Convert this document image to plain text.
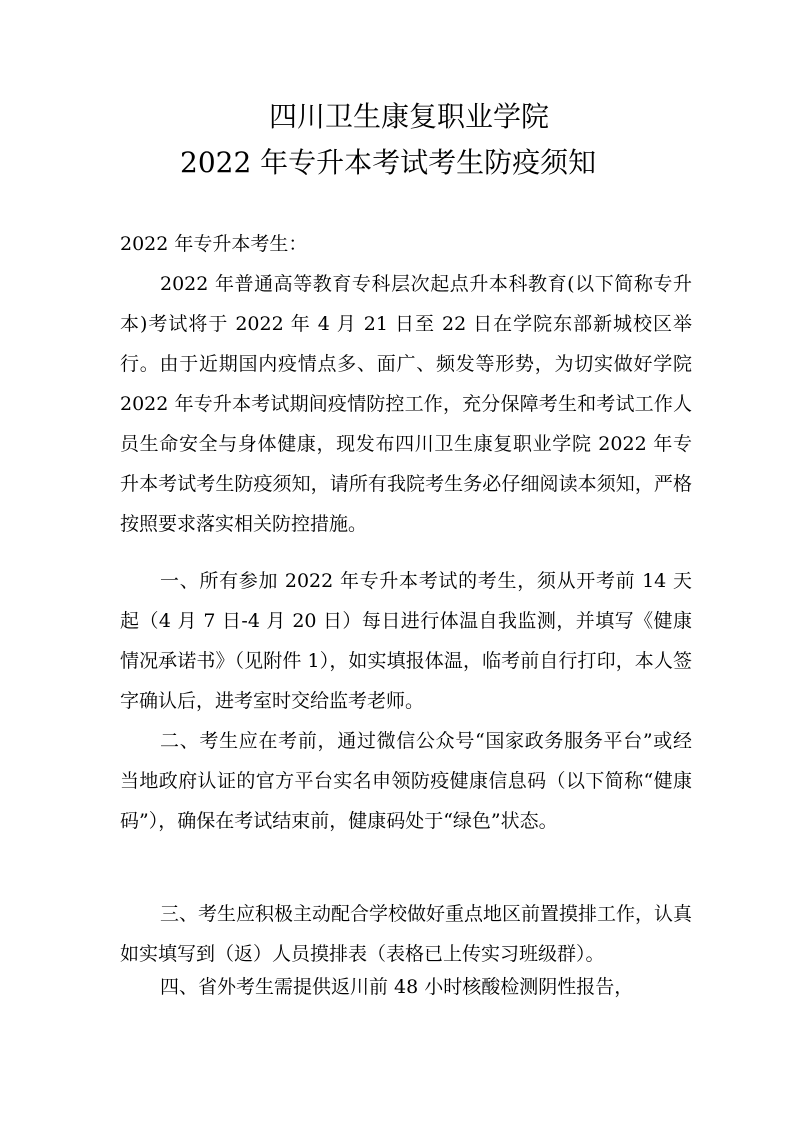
四川卫生康复职业学院
2022 年专升本考试考生防疫须知

2022 年专升本考生：

2022 年普通高等教育专科层次起点升本科教育(以下简称专升本)考试将于 2022 年 4 月 21 日至 22 日在学院东部新城校区举行。由于近期国内疫情点多、面广、频发等形势，为切实做好学院 2022 年专升本考试期间疫情防控工作，充分保障考生和考试工作人员生命安全与身体健康，现发布四川卫生康复职业学院 2022 年专升本考试考生防疫须知，请所有我院考生务必仔细阅读本须知，严格按照要求落实相关防控措施。

一、所有参加 2022 年专升本考试的考生，须从开考前 14 天起（4 月 7 日-4 月 20 日）每日进行体温自我监测，并填写《健康情况承诺书》（见附件 1），如实填报体温，临考前自行打印，本人签字确认后，进考室时交给监考老师。

二、考生应在考前，通过微信公众号“国家政务服务平台”或经当地政府认证的官方平台实名申领防疫健康信息码（以下简称“健康码”），确保在考试结束前，健康码处于“绿色”状态。

三、考生应积极主动配合学校做好重点地区前置摸排工作，认真如实填写到（返）人员摸排表（表格已上传实习班级群）。

四、省外考生需提供返川前 48 小时核酸检测阴性报告，
